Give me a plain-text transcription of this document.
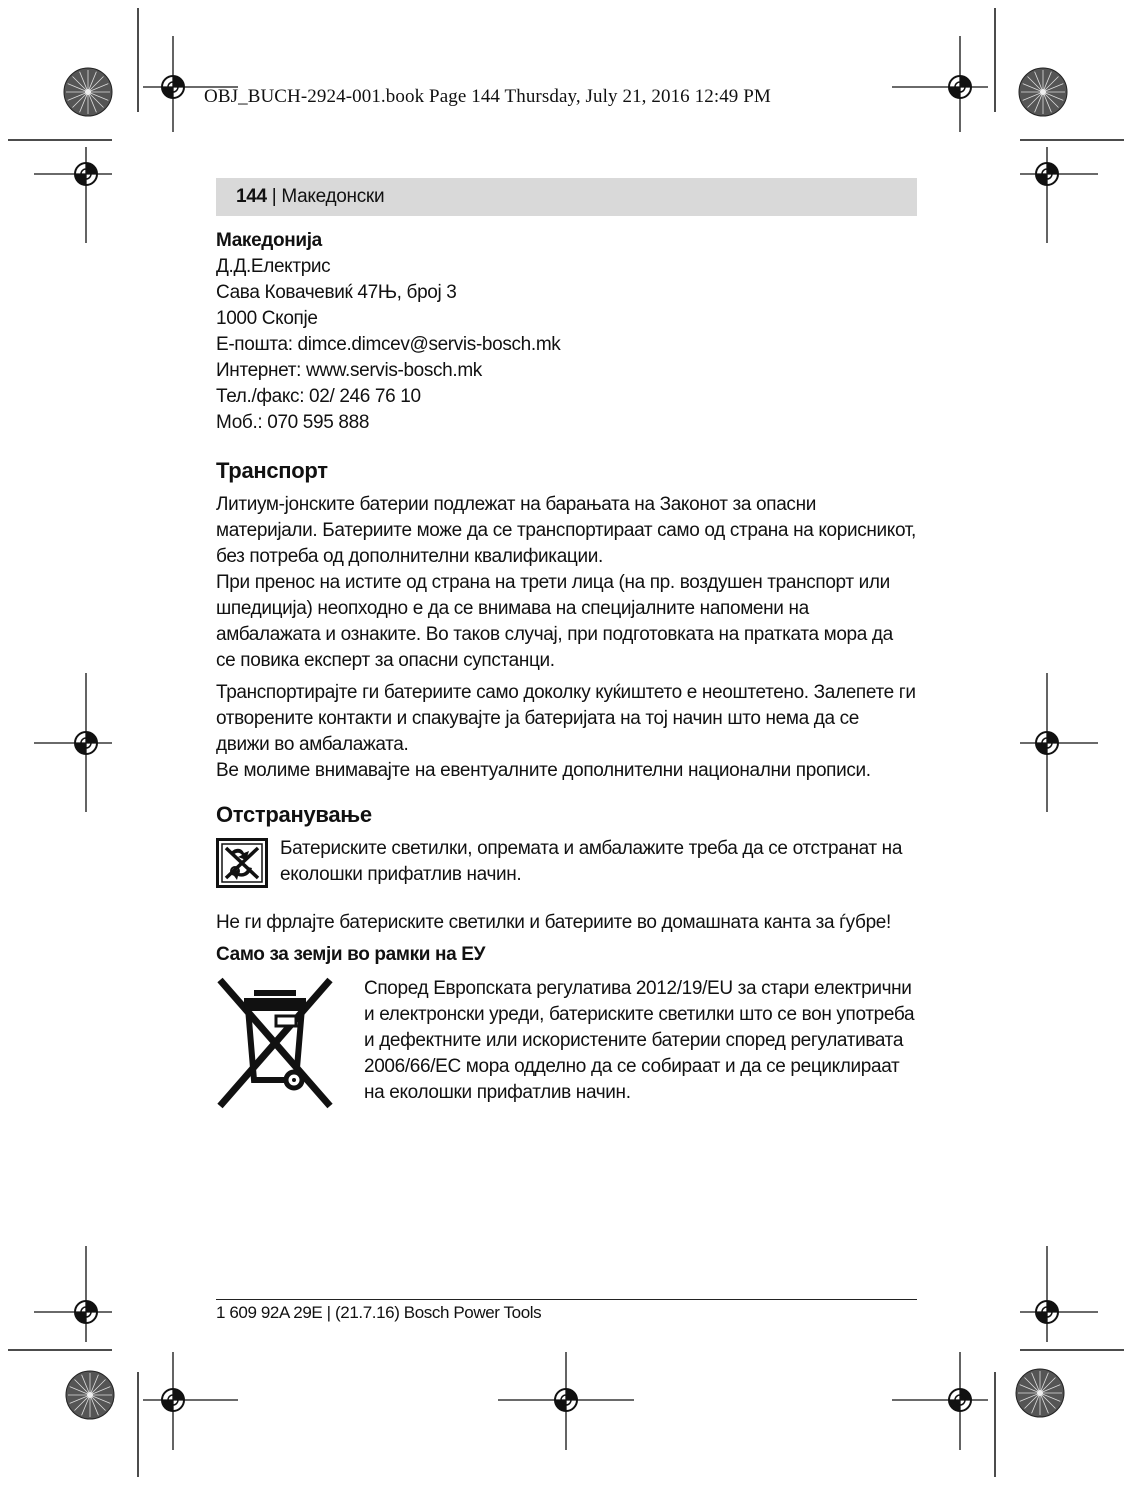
OBJ_BUCH-2924-001.book Page 144 Thursday, July 21, 2016 12:49 PM
144 | Македонски
Македонија
Д.Д.Електрис
Сава Ковачевиќ 47Њ, број 3
1000 Скопје
Е-пошта: dimce.dimcev@servis-bosch.mk
Интернет: www.servis-bosch.mk
Тел./факс: 02/ 246 76 10
Моб.: 070 595 888
Транспорт

Литиум-јонските батерии подлежат на барањата на Законот за опасни материјали. Батериите може да се транспортираат само од страна на корисникот, без потреба од дополнителни квалификации.

При пренос на истите од страна на трети лица (на пр. воздушен транспорт или шпедиција) неопходно е да се внимава на специјалните напомени на амбалажата и ознаките. Во таков случај, при подготовката на пратката мора да се повика експерт за опасни супстанци.

Транспортирајте ги батериите само доколку куќиштето е неоштетено. Залепете ги отворените контакти и спакувајте ја батеријата на тој начин што нема да се движи во амбалажата.

Ве молиме внимавајте на евентуалните дополнителни национални прописи.

Отстранување

Батериските светилки, опремата и амбалажите треба да се отстранат на еколошки прифатлив начин.

Не ги фрлајте батериските светилки и батериите во домашната канта за ѓубре!

Само за земји во рамки на ЕУ

Според Европската регулатива 2012/19/EU за стари електрични и електронски уреди, батериските светилки што се вон употреба и дефектните или искористените батерии според регулативата 2006/66/EC мора одделно да се собираат и да се рециклираат на еколошки прифатлив начин.

1 609 92A 29E | (21.7.16) Bosch Power Tools
